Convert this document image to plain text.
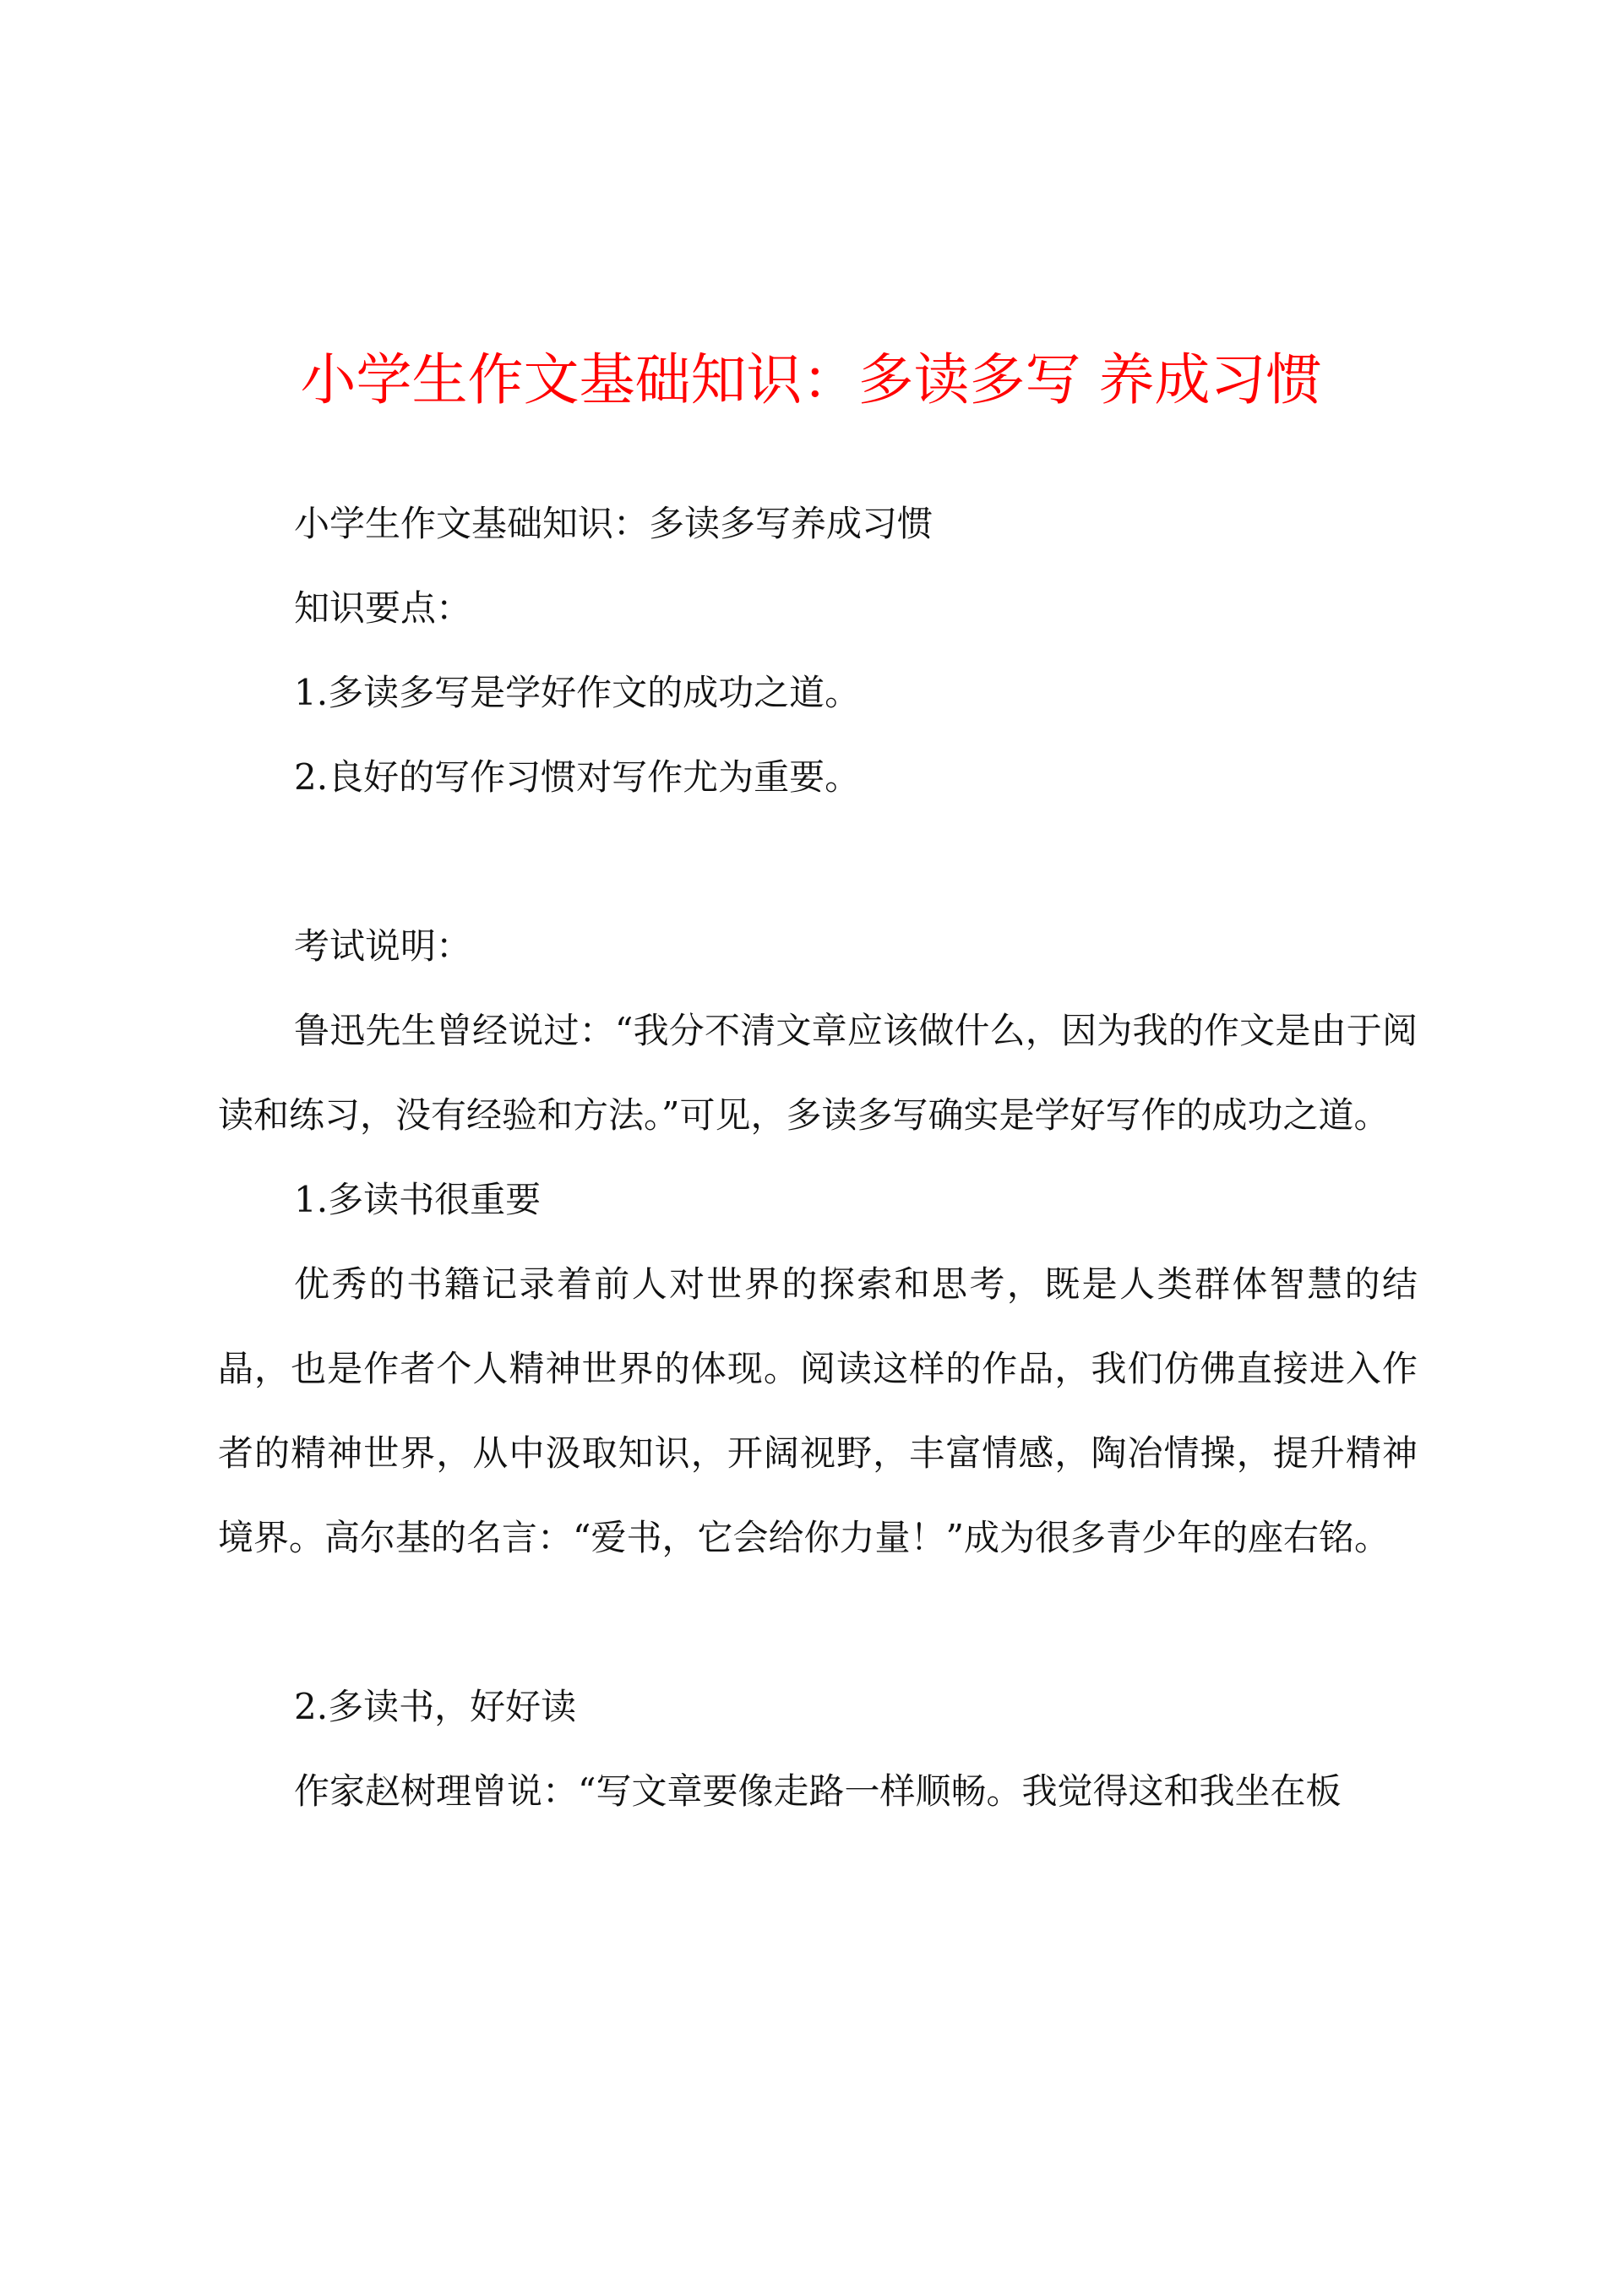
小学生作文基础知识：多读多写 养成习惯

小学生作文基础知识：多读多写养成习惯

知识要点：

1.多读多写是学好作文的成功之道。

2.良好的写作习惯对写作尤为重要。

考试说明：

鲁迅先生曾经说过：“我分不清文章应该做什么，因为我的作文是由于阅读和练习，没有经验和方法。”可见，多读多写确实是学好写作的成功之道。

1.多读书很重要

优秀的书籍记录着前人对世界的探索和思考，既是人类群体智慧的结晶，也是作者个人精神世界的体现。阅读这样的作品，我们仿佛直接进入作者的精神世界，从中汲取知识，开阔视野，丰富情感，陶冶情操，提升精神境界。高尔基的名言：“爱书，它会给你力量！”成为很多青少年的座右铭。

2.多读书，好好读

作家赵树理曾说：“写文章要像走路一样顺畅。我觉得这和我坐在板
